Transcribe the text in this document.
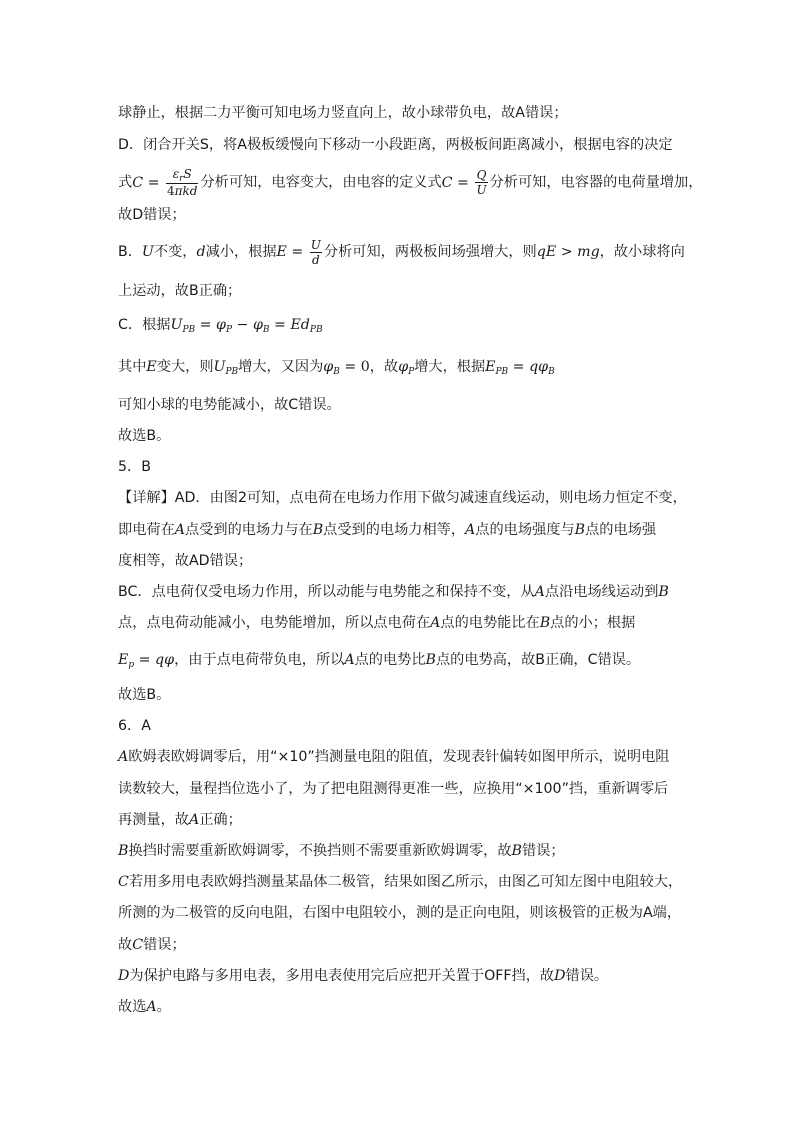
球静止，根据二力平衡可知电场力竖直向上，故小球带负电，故A错误；
D．闭合开关S，将A极板缓慢向下移动一小段距离，两极板间距离减小，根据电容的决定
式$C = \frac{\varepsilon_rS}{\text{4πkd}}$ 分析可知，电容变大，由电容的定义式$C = \frac{Q}{U}$ 分析可知，电容器的电荷量增加，
故D错误；
B．U不变，d减小，根据$E = \frac{U}{d}$ 分析可知，两极板间场强增大，则qE > mg，故小球将向
上运动，故B正确；
C．根据$U_{PB} = \varphi_P - \varphi_B = Ed_{PB}$
其中E变大，则$U_{PB}$增大，又因为$\varphi_B = 0$，故$\varphi_P$增大，根据$E_{PB} = q\varphi_B$
可知小球的电势能减小，故C错误。
故选B。
5．B
【详解】AD．由图2可知，点电荷在电场力作用下做匀减速直线运动，则电场力恒定不变，
即电荷在A点受到的电场力与在B点受到的电场力相等，A点的电场强度与B点的电场强
度相等，故AD错误；
BC．点电荷仅受电场力作用，所以动能与电势能之和保持不变，从A点沿电场线运动到B
点，点电荷动能减小，电势能增加，所以点电荷在A点的电势能比在B点的小；根据
$E_p = q\varphi$，由于点电荷带负电，所以A点的电势比B点的电势高，故B正确，C错误。
故选B。
6．A
A欧姆表欧姆调零后，用“×10”挡测量电阻的阻值，发现表针偏转如图甲所示，说明电阻
读数较大，量程挡位选小了，为了把电阻测得更准一些，应换用“×100”挡，重新调零后
再测量，故A正确；
B换挡时需要重新欧姆调零，不换挡则不需要重新欧姆调零，故B错误；
C若用多用电表欧姆挡测量某晶体二极管，结果如图乙所示，由图乙可知左图中电阻较大，
所测的为二极管的反向电阻，右图中电阻较小，测的是正向电阻，则该极管的正极为A端，
故C错误；
D为保护电路与多用电表，多用电表使用完后应把开关置于OFF挡，故D错误。
故选A。
